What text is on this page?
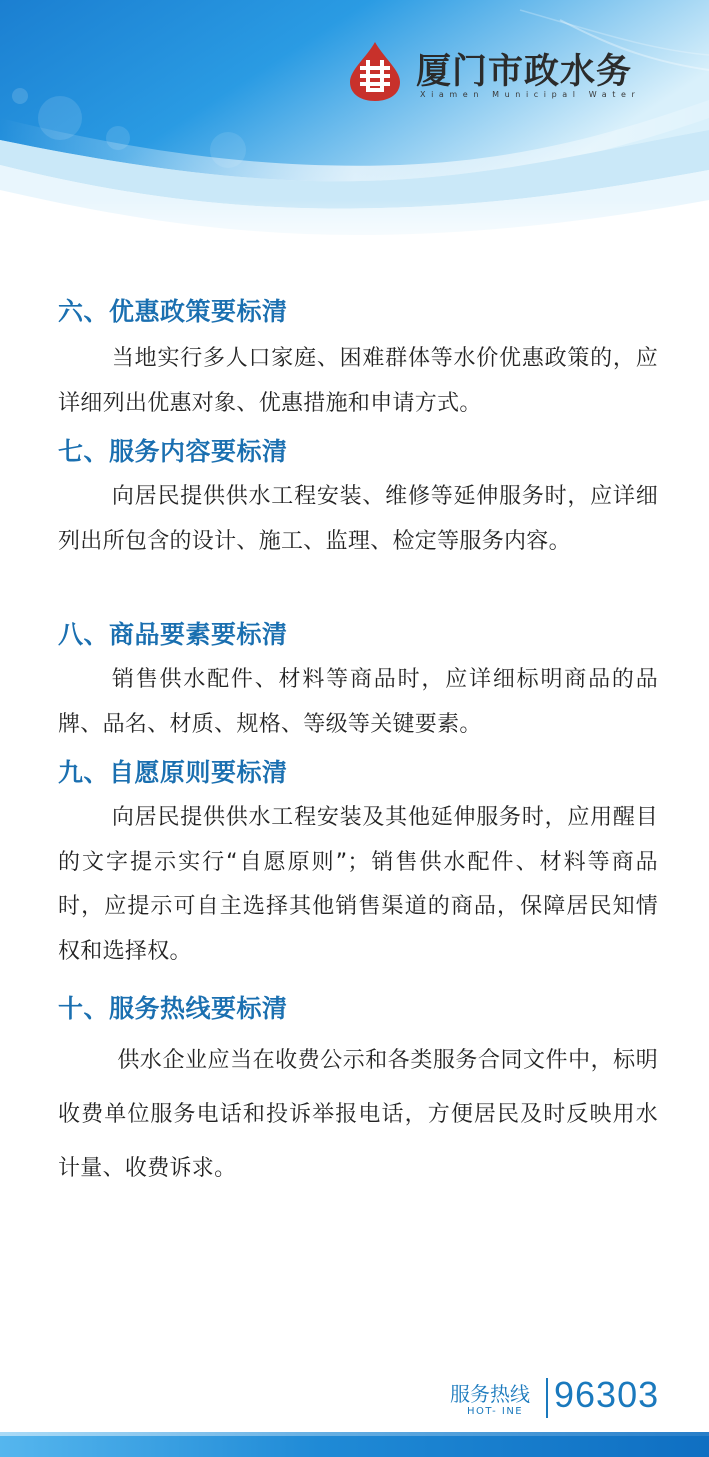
厦门市政水务
Xiamen Municipal Water
六、优惠政策要标清

当地实行多人口家庭、困难群体等水价优惠政策的，应详细列出优惠对象、优惠措施和申请方式。

七、服务内容要标清

向居民提供供水工程安装、维修等延伸服务时，应详细列出所包含的设计、施工、监理、检定等服务内容。

八、商品要素要标清

销售供水配件、材料等商品时，应详细标明商品的品牌、品名、材质、规格、等级等关键要素。

九、自愿原则要标清

向居民提供供水工程安装及其他延伸服务时，应用醒目的文字提示实行“自愿原则”；销售供水配件、材料等商品时，应提示可自主选择其他销售渠道的商品，保障居民知情权和选择权。

十、服务热线要标清

供水企业应当在收费公示和各类服务合同文件中，标明收费单位服务电话和投诉举报电话，方便居民及时反映用水计量、收费诉求。

服务热线
HOT- INE 96303
